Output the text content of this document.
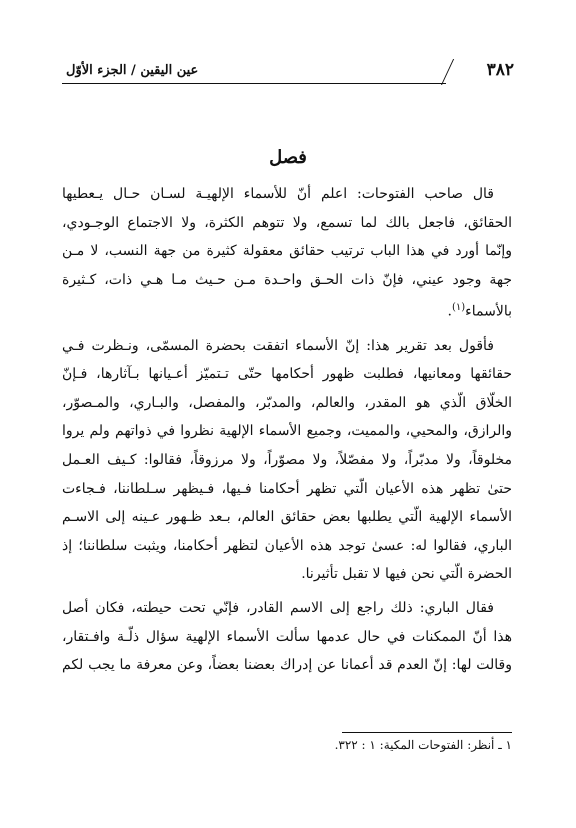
عين اليقين / الجزء الأوّل	٣٨٢
فصل
قال صاحب الفتوحات: اعلم أنّ للأسماء الإلهيـة لسـان حـال يـعطيها
الحقائق، فاجعل بالك لما تسمع، ولا تتوهم الكثرة، ولا الاجتماع الوجـودي،
وإنّما أورد في هذا الباب ترتيب حقائق معقولة كثيرة من جهة النسب، لا مـن
جهة وجود عيني، فإنّ ذات الحـق واحـدة مـن حـيث مـا هـي ذات، كـثيرة
بالأسماء$^{(١)}$.
فأقول بعد تقرير هذا: إنّ الأسماء اتفقت بحضرة المسمّى، ونـظرت فـي
حقائقها ومعانيها، فطلبت ظهور أحكامها حتّى تـتميّز أعـيانها بـآثارها، فـإنّ
الخلّاق الّذي هو المقدر، والعالم، والمدبّر، والمفصل، والبـاري، والمـصوّر،
والرازق، والمحيي، والمميت، وجميع الأسماء الإلهية نظروا في ذواتهم ولم يروا
مخلوقاً، ولا مدبّراً، ولا مفصّلاً، ولا مصوّراً، ولا مرزوقاً، فقالوا: كـيف العـمل
حتىٰ تظهر هذه الأعيان الّتي تظهر أحكامنا فـيها، فـيظهر سـلطاننا، فـجاءت
الأسماء الإلهية الّتي يطلبها بعض حقائق العالم، بـعد ظـهور عـينه إلى الاسـم
الباري، فقالوا له: عسىٰ توجد هذه الأعيان لتظهر أحكامنا، ويثبت سلطاننا؛ إذ
الحضرة الّتي نحن فيها لا تقبل تأثيرنا.
فقال الباري: ذلك راجع إلى الاسم القادر، فإنّي تحت حيطته، فكان أصل
هذا أنّ الممكنات في حال عدمها سألت الأسماء الإلهية سؤال ذلّـة وافـتقار،
وقالت لها: إنّ العدم قد أعمانا عن إدراك بعضنا بعضاً، وعن معرفة ما يجب لكم
١ ـ أنظر: الفتوحات المكية: ١ : ٣٢٢.
